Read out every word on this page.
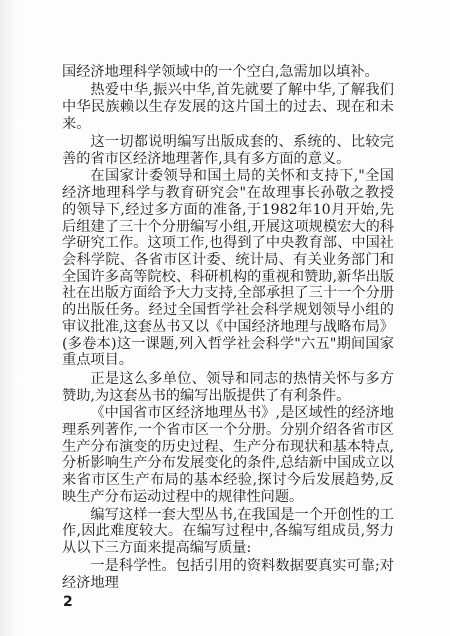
国经济地理科学领域中的一个空白,急需加以填补。

热爱中华,振兴中华,首先就要了解中华,了解我们中华民族赖以生存发展的这片国土的过去、现在和未来。

这一切都说明编写出版成套的、系统的、比较完善的省市区经济地理著作,具有多方面的意义。

在国家计委领导和国土局的关怀和支持下,"全国经济地理科学与教育研究会"在故理事长孙敬之教授的领导下,经过多方面的准备,于1982年10月开始,先后组建了三十个分册编写小组,开展这项规模宏大的科学研究工作。这项工作,也得到了中央教育部、中国社会科学院、各省市区计委、统计局、有关业务部门和全国许多高等院校、科研机构的重视和赞助,新华出版社在出版方面给予大力支持,全部承担了三十一个分册的出版任务。经过全国哲学社会科学规划领导小组的审议批准,这套丛书又以《中国经济地理与战略布局》(多卷本)这一课题,列入哲学社会科学"六五"期间国家重点项目。

正是这么多单位、领导和同志的热情关怀与多方赞助,为这套丛书的编写出版提供了有利条件。

《中国省市区经济地理丛书》,是区域性的经济地理系列著作,一个省市区一个分册。分别介绍各省市区生产分布演变的历史过程、生产分布现状和基本特点,分析影响生产分布发展变化的条件,总结新中国成立以来省市区生产布局的基本经验,探讨今后发展趋势,反映生产分布运动过程中的规律性问题。

编写这样一套大型丛书,在我国是一个开创性的工作,因此难度较大。在编写过程中,各编写组成员,努力从以下三方面来提高编写质量:

一是科学性。包括引用的资料数据要真实可靠;对经济地理

2
